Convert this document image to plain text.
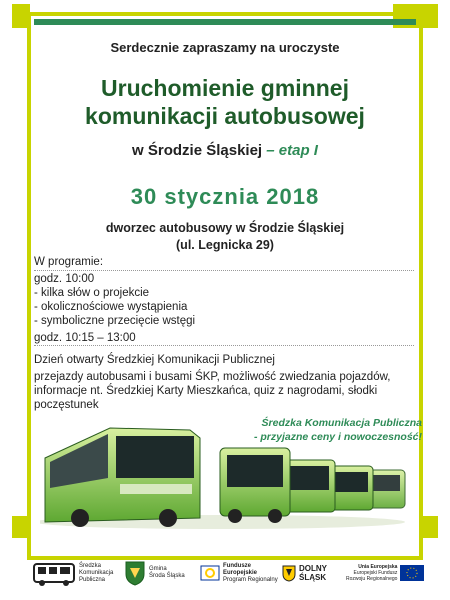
Serdecznie zapraszamy na uroczyste
Uruchomienie gminnej
komunikacji autobusowej
w Środzie Śląskiej – etap I
30 stycznia 2018
dworzec autobusowy w Środzie Śląskiej
(ul. Legnicka 29)
W programie:
godz. 10:00
- kilka słów o projekcie
- okolicznościowe wystąpienia
- symboliczne przecięcie wstęgi
godz. 10:15 – 13:00
Dzień otwarty Średzkiej Komunikacji Publicznej
przejazdy autobusami i busami ŚKP, możliwość zwiedzania pojazdów, informacje nt. Średzkiej Karty Mieszkańca, quiz z nagrodami, słodki poczęstunek
Średzka Komunikacja Publiczna
- przyjazne ceny i nowoczesność!
Średzka
Komunikacja
Publiczna
Gmina
Środa Śląska
Fundusze
Europejskie
Program Regionalny
DOLNY
ŚLĄSK
Unia Europejska
Europejski Fundusz
Rozwoju Regionalnego
